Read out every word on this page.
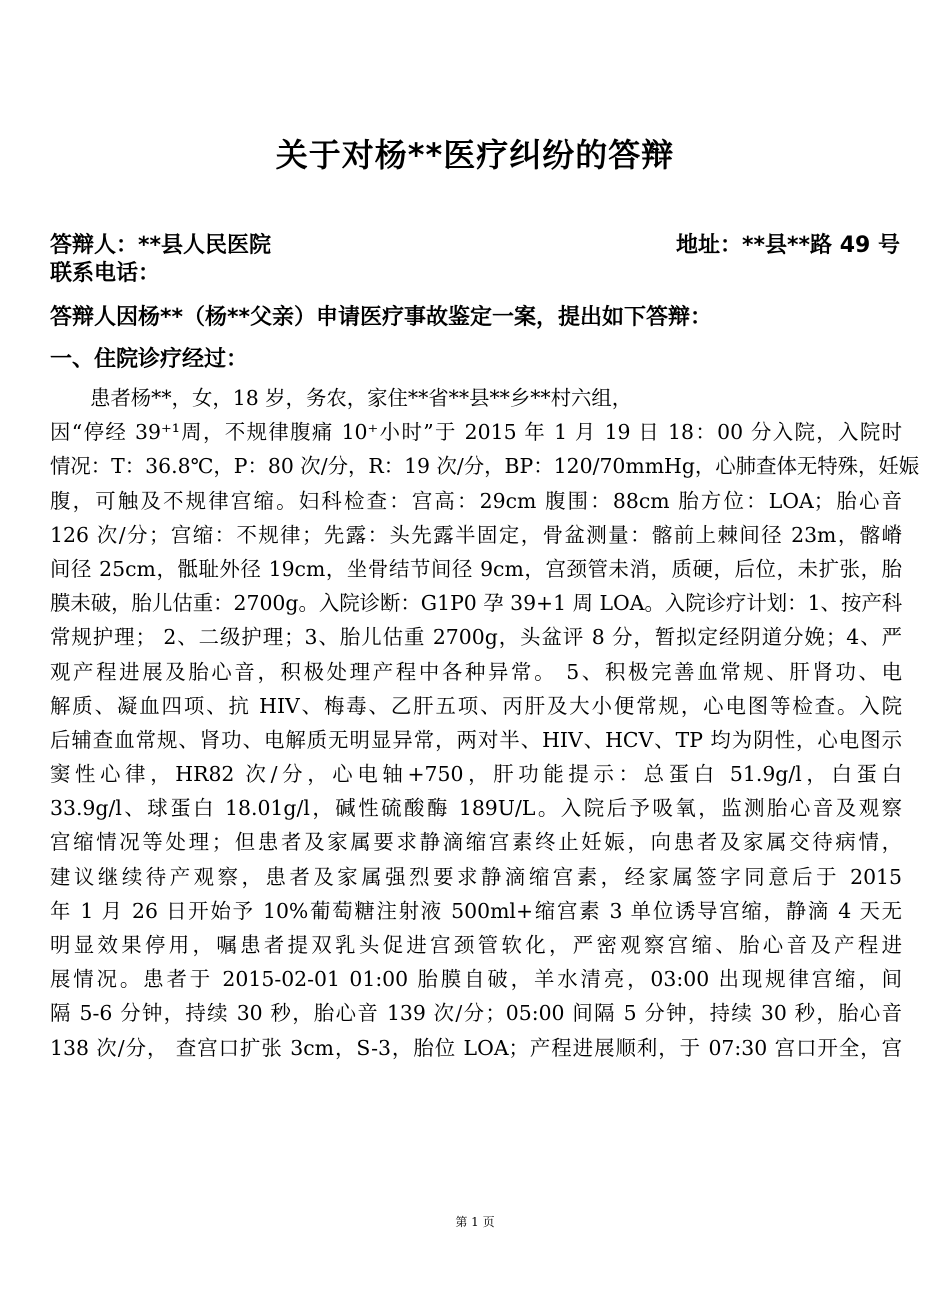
关于对杨**医疗纠纷的答辩
答辩人：**县人民医院	地址：**县**路 49 号
联系电话：
答辩人因杨**（杨**父亲）申请医疗事故鉴定一案，提出如下答辩：
一、住院诊疗经过：
患者杨**，女，18 岁，务农，家住**省**县**乡**村六组，
因“停经 39⁺¹周，不规律腹痛 10⁺小时”于 2015 年 1 月 19 日 18：00 分入院，入院时
情况：T：36.8℃，P：80 次/分，R：19 次/分，BP：120/70mmHg，心肺查体无特殊，妊娠
腹，可触及不规律宫缩。妇科检查：宫高：29cm 腹围：88cm 胎方位：LOA；胎心音
126 次/分；宫缩：不规律；先露：头先露半固定，骨盆测量：髂前上棘间径 23m，髂嵴
间径 25cm，骶耻外径 19cm，坐骨结节间径 9cm，宫颈管未消，质硬，后位，未扩张，胎
膜未破，胎儿估重：2700g。入院诊断：G1P0 孕 39+1 周 LOA。入院诊疗计划：1、按产科
常规护理； 2、二级护理；3、胎儿估重 2700g，头盆评 8 分，暂拟定经阴道分娩；4、严
观产程进展及胎心音，积极处理产程中各种异常。 5、积极完善血常规、肝肾功、电
解质、凝血四项、抗 HIV、梅毒、乙肝五项、丙肝及大小便常规，心电图等检查。入院
后辅查血常规、肾功、电解质无明显异常，两对半、HIV、HCV、TP 均为阴性，心电图示
窦性心律，HR82 次/分，心电轴+750，肝功能提示：总蛋白 51.9g/l，白蛋白
33.9g/l、球蛋白 18.01g/l，碱性硫酸酶 189U/L。入院后予吸氧，监测胎心音及观察
宫缩情况等处理；但患者及家属要求静滴缩宫素终止妊娠，向患者及家属交待病情，
建议继续待产观察，患者及家属强烈要求静滴缩宫素，经家属签字同意后于 2015
年 1 月 26 日开始予 10%葡萄糖注射液 500ml+缩宫素 3 单位诱导宫缩，静滴 4 天无
明显效果停用，嘱患者提双乳头促进宫颈管软化，严密观察宫缩、胎心音及产程进
展情况。患者于 2015-02-01 01:00 胎膜自破，羊水清亮，03:00 出现规律宫缩，间
隔 5-6 分钟，持续 30 秒，胎心音 139 次/分；05:00 间隔 5 分钟，持续 30 秒，胎心音
138 次/分， 查宫口扩张 3cm，S-3，胎位 LOA；产程进展顺利，于 07:30 宫口开全，宫
第 1 页
